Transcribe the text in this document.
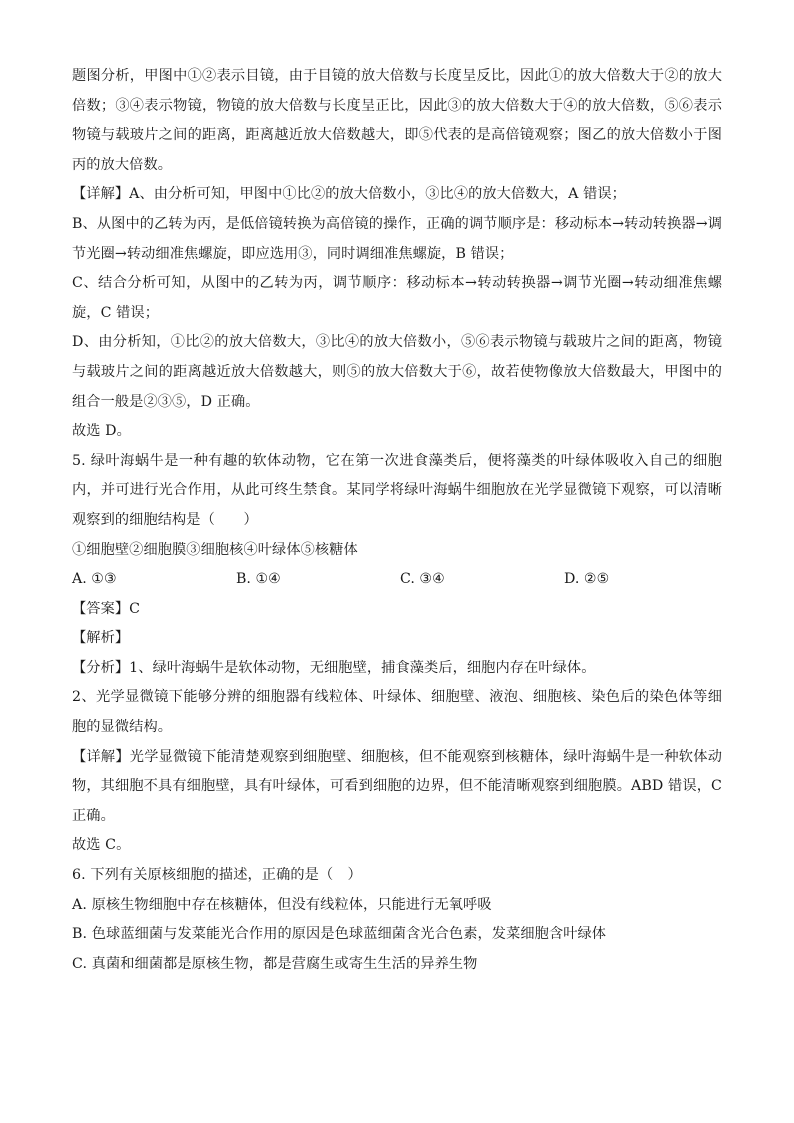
题图分析，甲图中①②表示目镜，由于目镜的放大倍数与长度呈反比，因此①的放大倍数大于②的放大倍数；③④表示物镜，物镜的放大倍数与长度呈正比，因此③的放大倍数大于④的放大倍数，⑤⑥表示物镜与载玻片之间的距离，距离越近放大倍数越大，即⑤代表的是高倍镜观察；图乙的放大倍数小于图丙的放大倍数。

【详解】A、由分析可知，甲图中①比②的放大倍数小，③比④的放大倍数大，A 错误；

B、从图中的乙转为丙，是低倍镜转换为高倍镜的操作，正确的调节顺序是：移动标本→转动转换器→调节光圈→转动细准焦螺旋，即应选用③，同时调细准焦螺旋，B 错误；

C、结合分析可知，从图中的乙转为丙，调节顺序：移动标本→转动转换器→调节光圈→转动细准焦螺旋，C 错误；

D、由分析知，①比②的放大倍数大，③比④的放大倍数小，⑤⑥表示物镜与载玻片之间的距离，物镜与载玻片之间的距离越近放大倍数越大，则⑤的放大倍数大于⑥，故若使物像放大倍数最大，甲图中的组合一般是②③⑤，D 正确。

故选 D。

5. 绿叶海蜗牛是一种有趣的软体动物，它在第一次进食藻类后，便将藻类的叶绿体吸收入自己的细胞内，并可进行光合作用，从此可终生禁食。某同学将绿叶海蜗牛细胞放在光学显微镜下观察，可以清晰观察到的细胞结构是（　　）

①细胞壁②细胞膜③细胞核④叶绿体⑤核糖体

A. ①③	B. ①④	C. ③④	D. ②⑤

【答案】C

【解析】

【分析】1、绿叶海蜗牛是软体动物，无细胞壁，捕食藻类后，细胞内存在叶绿体。

2、光学显微镜下能够分辨的细胞器有线粒体、叶绿体、细胞壁、液泡、细胞核、染色后的染色体等细胞的显微结构。

【详解】光学显微镜下能清楚观察到细胞壁、细胞核，但不能观察到核糖体，绿叶海蜗牛是一种软体动物，其细胞不具有细胞壁，具有叶绿体，可看到细胞的边界，但不能清晰观察到细胞膜。ABD 错误，C 正确。

故选 C。

6. 下列有关原核细胞的描述，正确的是（　）

A. 原核生物细胞中存在核糖体，但没有线粒体，只能进行无氧呼吸

B. 色球蓝细菌与发菜能光合作用的原因是色球蓝细菌含光合色素，发菜细胞含叶绿体

C. 真菌和细菌都是原核生物，都是营腐生或寄生生活的异养生物
